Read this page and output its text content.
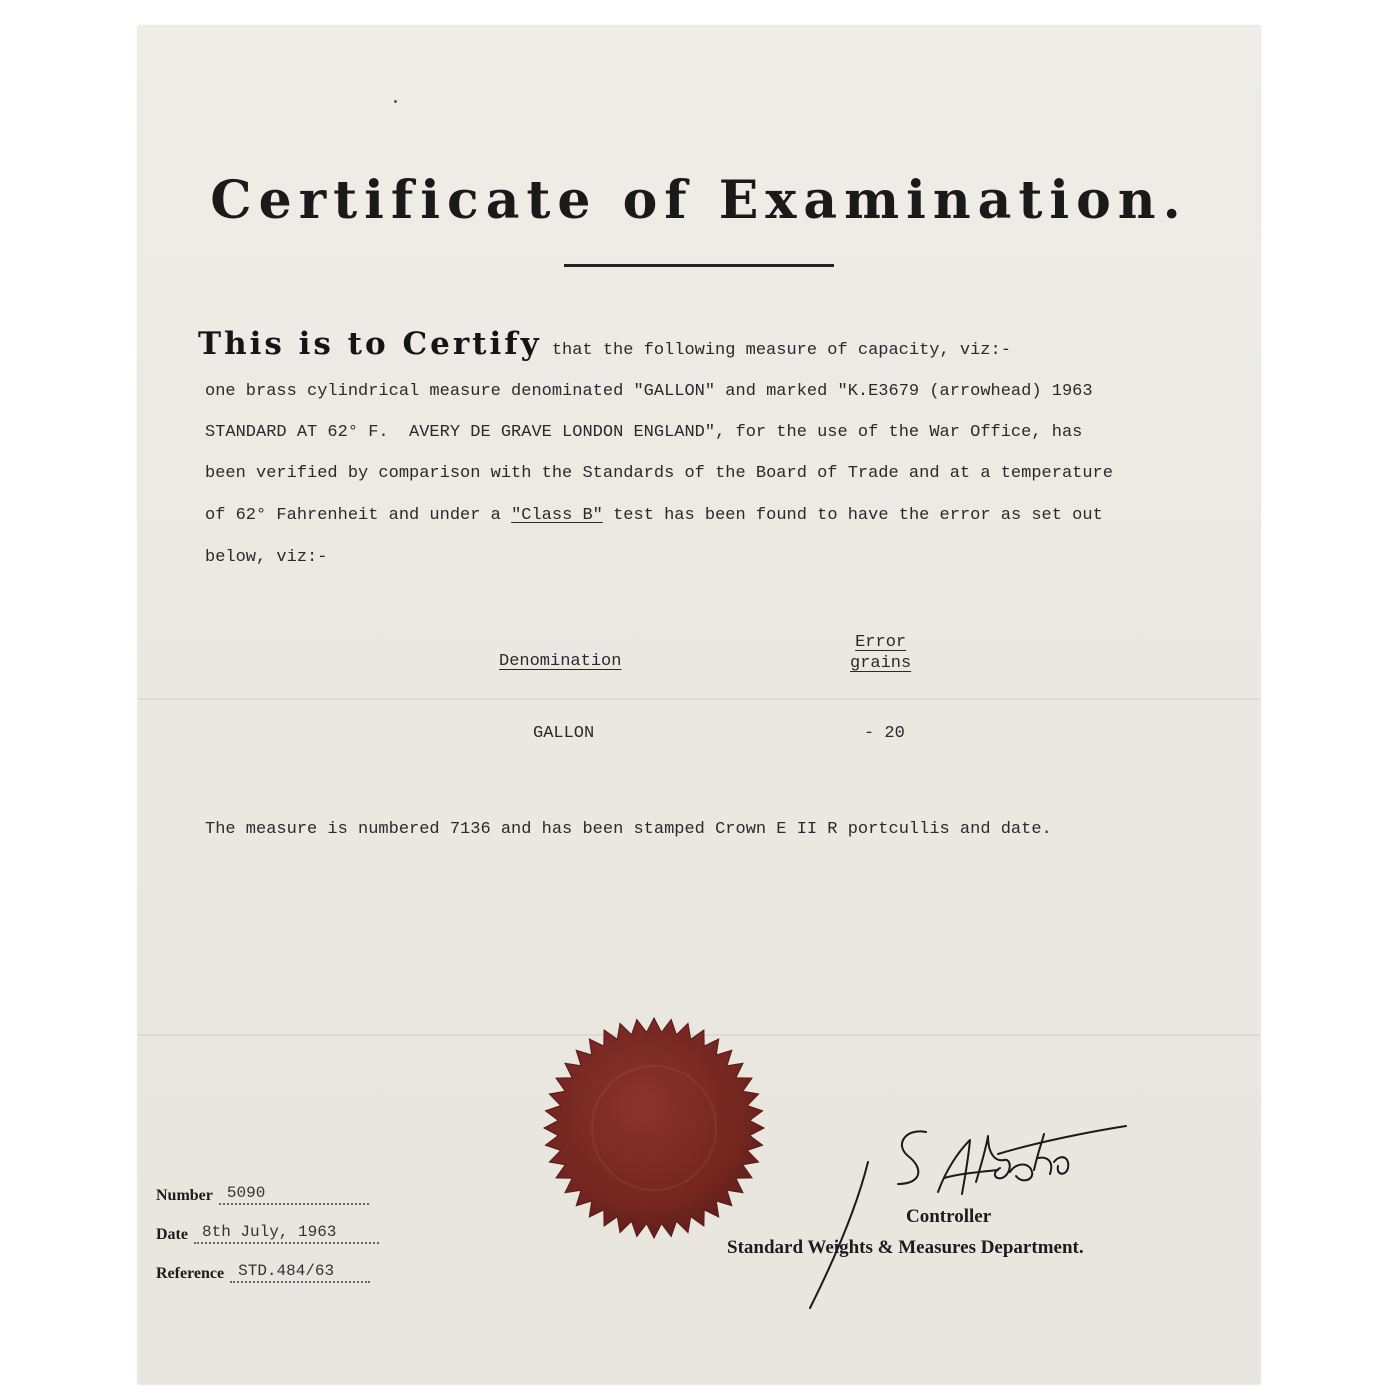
Certificate of Examination.
This is to Certify that the following measure of capacity, viz:-
one brass cylindrical measure denominated "GALLON" and marked "K.E3679 (arrowhead) 1963
STANDARD AT 62° F.  AVERY DE GRAVE LONDON ENGLAND", for the use of the War Office, has
been verified by comparison with the Standards of the Board of Trade and at a temperature
of 62° Fahrenheit and under a "Class B" test has been found to have the error as set out
below, viz:-
Denomination
Error
grains
GALLON	- 20
The measure is numbered 7136 and has been stamped Crown E II R portcullis and date.
Controller
Standard Weights & Measures Department.
Number 5090
Date 8th July, 1963
Reference STD.484/63
